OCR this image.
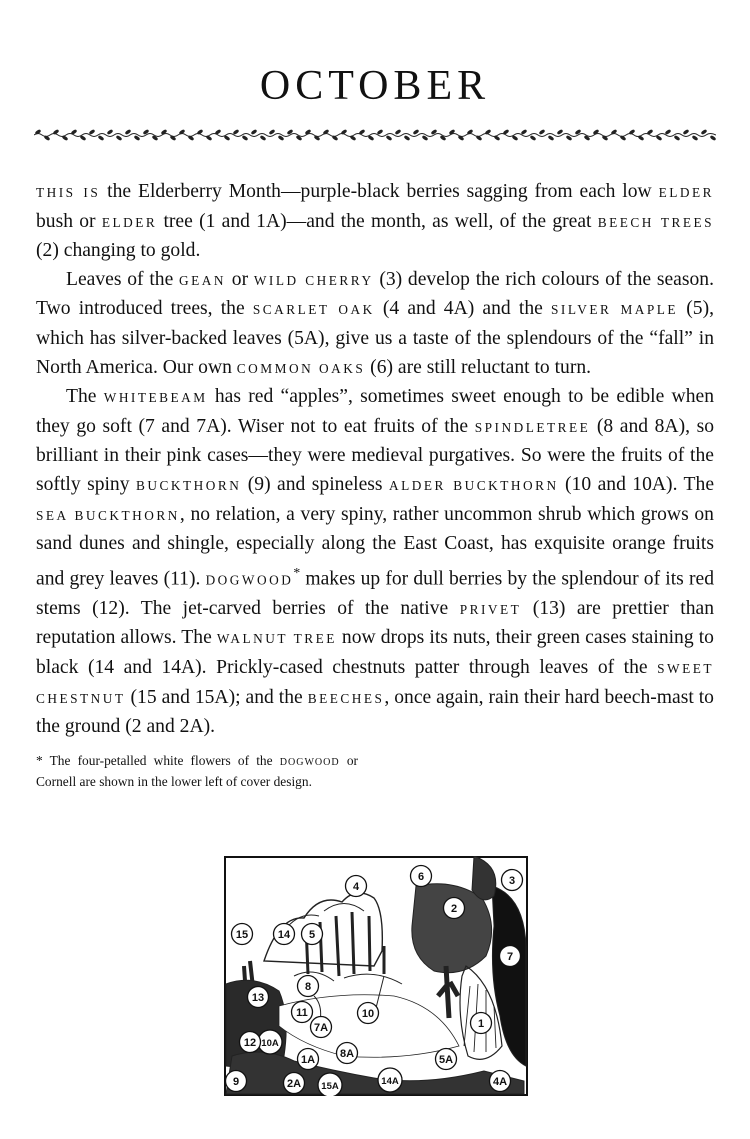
OCTOBER

THIS IS the Elderberry Month—purple-black berries sagging from each low ELDER bush or ELDER tree (1 and 1A)—and the month, as well, of the great BEECH TREES (2) changing to gold.

Leaves of the GEAN or WILD CHERRY (3) develop the rich colours of the season. Two introduced trees, the SCARLET OAK (4 and 4A) and the SILVER MAPLE (5), which has silver-backed leaves (5A), give us a taste of the splendours of the “fall” in North America. Our own COMMON OAKS (6) are still reluctant to turn.

The WHITEBEAM has red “apples”, sometimes sweet enough to be edible when they go soft (7 and 7A). Wiser not to eat fruits of the SPINDLETREE (8 and 8A), so brilliant in their pink cases—they were medieval purgatives. So were the fruits of the softly spiny BUCKTHORN (9) and spineless ALDER BUCKTHORN (10 and 10A). The SEA BUCKTHORN, no relation, a very spiny, rather uncommon shrub which grows on sand dunes and shingle, especially along the East Coast, has exquisite orange fruits and grey leaves (11). DOGWOOD* makes up for dull berries by the splendour of its red stems (12). The jet-carved berries of the native PRIVET (13) are prettier than reputation allows. The WALNUT TREE now drops its nuts, their green cases staining to black (14 and 14A). Prickly-cased chestnuts patter through leaves of the SWEET CHESTNUT (15 and 15A); and the BEECHES, once again, rain their hard beech-mast to the ground (2 and 2A).

* The four-petalled white flowers of the DOGWOOD or Cornell are shown in the lower left of cover design.
1
1A
2
2A
3
4
4A
5
5A
6
7
7A
8
8A
9
10
10A
11
12
13
14
14A
15
15A
